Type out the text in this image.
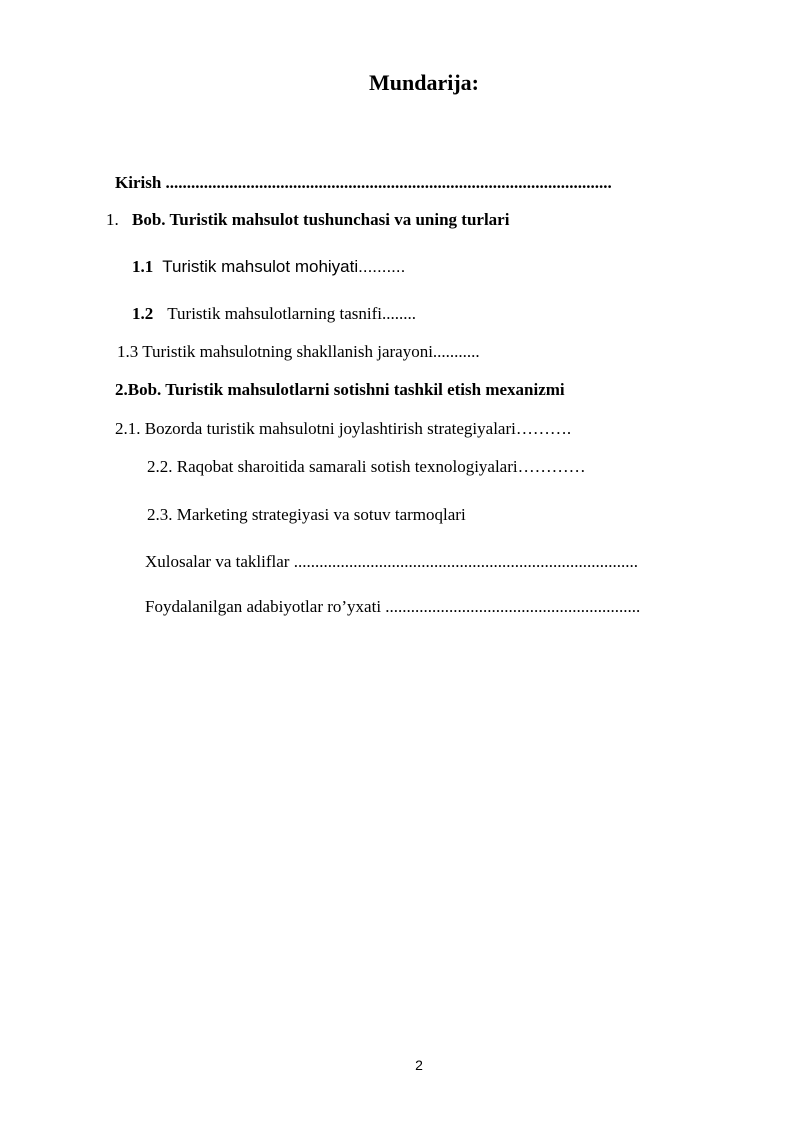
Mundarija:
Kirish .........................................................................................................
1. Bob. Turistik mahsulot tushunchasi va uning turlari
1.1 Turistik mahsulot mohiyati..........
1.2 Turistik mahsulotlarning tasnifi........
1.3 Turistik mahsulotning shakllanish jarayoni...........
2.Bob. Turistik mahsulotlarni sotishni tashkil etish mexanizmi
2.1. Bozorda turistik mahsulotni joylashtirish strategiyalari……….
2.2. Raqobat sharoitida samarali sotish texnologiyalari…………
2.3. Marketing strategiyasi va sotuv tarmoqlari
Xulosalar va takliflar .................................................................................
Foydalanilgan adabiyotlar ro’yxati ............................................................
2
